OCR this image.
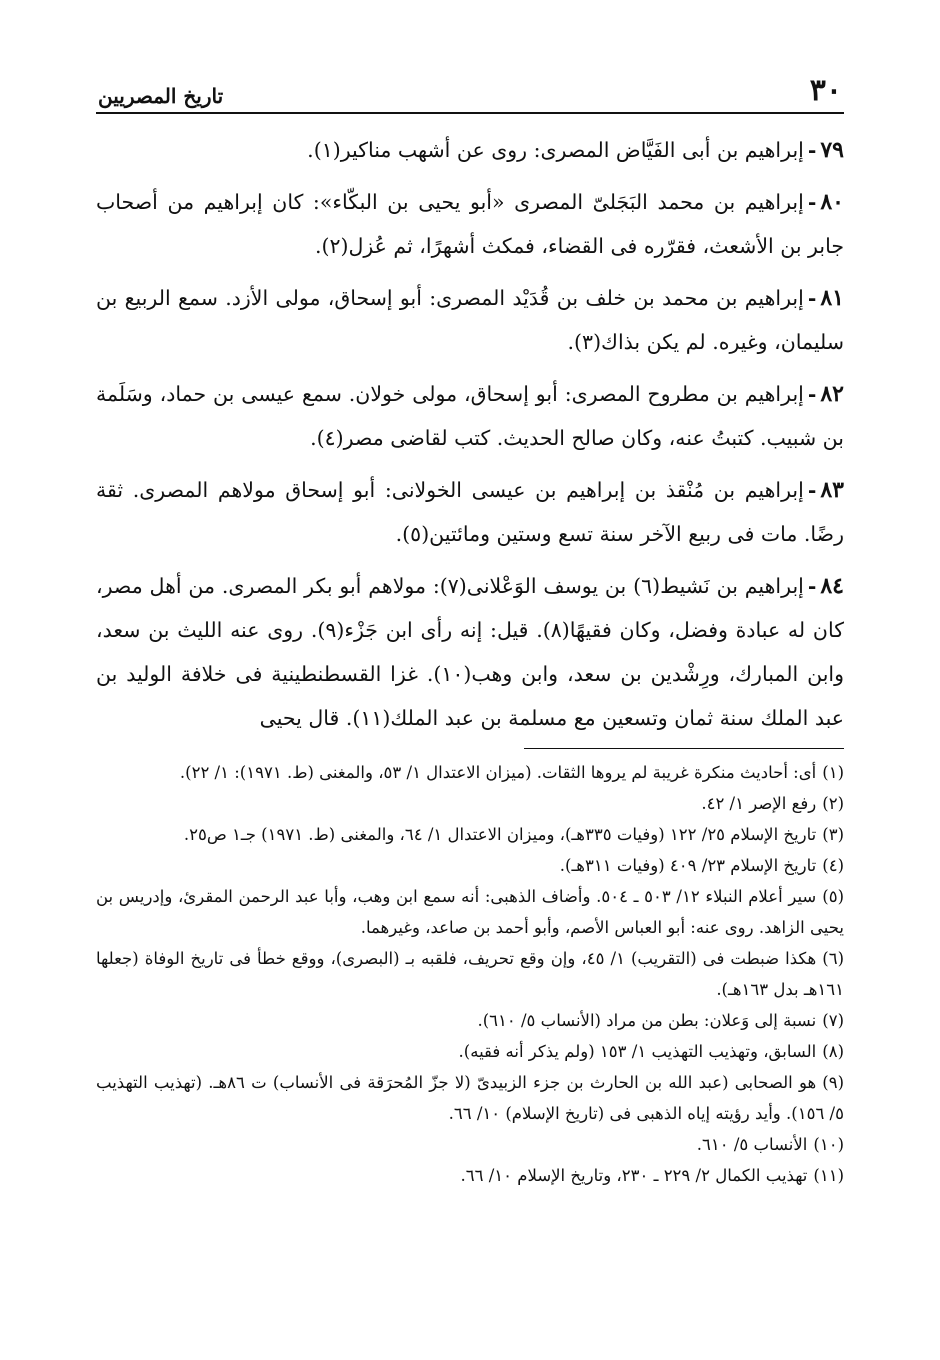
٣٠
تاريخ المصريين

٧٩-إبراهيم بن أبى الفَيَّاض المصرى: روى عن أشهب مناكير(١).

٨٠-إبراهيم بن محمد البَجَلىّ المصرى «أبو يحيى بن البكّاء»: كان إبراهيم من أصحاب جابر بن الأشعث، فقرّره فى القضاء، فمكث أشهرًا، ثم عُزل(٢).

٨١-إبراهيم بن محمد بن خلف بن قُدَيْد المصرى: أبو إسحاق، مولى الأزد. سمع الربيع بن سليمان، وغيره. لم يكن بذاك(٣).

٨٢-إبراهيم بن مطروح المصرى: أبو إسحاق، مولى خولان. سمع عيسى بن حماد، وسَلَمة بن شبيب. كتبتُ عنه، وكان صالح الحديث. كتب لقاضى مصر(٤).

٨٣-إبراهيم بن مُنْقذ بن إبراهيم بن عيسى الخولانى: أبو إسحاق مولاهم المصرى. ثقة رضًا. مات فى ربيع الآخر سنة تسع وستين ومائتين(٥).

٨٤-إبراهيم بن نَشيط(٦) بن يوسف الوَعْلانى(٧): مولاهم أبو بكر المصرى. من أهل مصر، كان له عبادة وفضل، وكان فقيهًا(٨). قيل: إنه رأى ابن جَزْء(٩). روى عنه الليث بن سعد، وابن المبارك، ورِشْدين بن سعد، وابن وهب(١٠). غزا القسطنطينية فى خلافة الوليد بن عبد الملك سنة ثمان وتسعين مع مسلمة بن عبد الملك(١١). قال يحيى

(١)أى: أحاديث منكرة غريبة لم يروها الثقات. (ميزان الاعتدال ١/ ٥٣، والمغنى (ط. ١٩٧١): ١/ ٢٢).
(٢)رفع الإصر ١/ ٤٢.
(٣)تاريخ الإسلام ٢٥/ ١٢٢ (وفيات ٣٣٥هـ)، وميزان الاعتدال ١/ ٦٤، والمغنى (ط. ١٩٧١) جـ١ ص٢٥.
(٤)تاريخ الإسلام ٢٣/ ٤٠٩ (وفيات ٣١١هـ).
(٥)سير أعلام النبلاء ١٢/ ٥٠٣ ـ ٥٠٤. وأضاف الذهبى: أنه سمع ابن وهب، وأبا عبد الرحمن المقرئ، وإدريس بن يحيى الزاهد. روى عنه: أبو العباس الأصم، وأبو أحمد بن صاعد، وغيرهما.
(٦)هكذا ضبطت فى (التقريب) ١/ ٤٥، وإن وقع تحريف، فلقبه بـ (البصرى)، ووقع خطأ فى تاريخ الوفاة (جعلها ١٦١هـ بدل ١٦٣هـ).
(٧)نسبة إلى وَعلان: بطن من مراد (الأنساب ٥/ ٦١٠).
(٨)السابق، وتهذيب التهذيب ١/ ١٥٣ (ولم يذكر أنه فقيه).
(٩)هو الصحابى (عبد الله بن الحارث بن جزء الزبيدىّ (لا جزّ المُحرَقة فى الأنساب) ت ٨٦هـ. (تهذيب التهذيب ٥/ ١٥٦). وأيد رؤيته إياه الذهبى فى (تاريخ الإسلام) ١٠/ ٦٦.
(١٠)الأنساب ٥/ ٦١٠.
(١١)تهذيب الكمال ٢/ ٢٢٩ ـ ٢٣٠، وتاريخ الإسلام ١٠/ ٦٦.
